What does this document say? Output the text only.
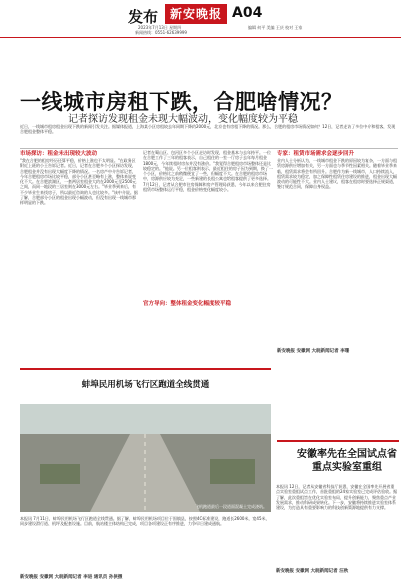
发布 新安晚报 A04
2023年7月13日 星期四
新闻热线：0551-62639999
编辑 何平 美编 王庆 校对 王家
一线城市房租下跌，合肥啥情况？
记者探访发现租金未现大幅波动，变化幅度较为平稳
近日，一线城市租房租金出现下跌的新闻引发关注。据媒体报道，上海某小区房租较去年同期下降约2000元，北京也有房租下降的情况。那么，合肥的租房市场情况如何？12日，记者走访了多位中介和租客，发现合肥租金整体平稳。
市场探访：租金未出现较大波动
"我在合肥的租房经历还算平稳，价格上涨也不太明显。"在政务区附近上班的小王告诉记者。近日，记者在合肥多个小区探访发现，合肥租金并没有出现大幅度下降的情况。一名房产中介告诉记者，今年合肥租房市场比较平稳，部分小区甚至略有上涨，整体来说变化不大。在合肥滨湖区，一套两居室租金大约在2000元至2500元之间，而同一地段的三居室则在3000元左右。"毕业季到来后，有不少毕业生来找房子，所以最近咨询的人也比较多。"该中介说。据了解，合肥部分小区的租金出现小幅波动，但没有出现一线城市那样明显的下跌。
记者在蜀山区、包河区多个小区走访时发现，租金基本与去年持平。一位在合肥工作了三年的租客表示，自己租住的一室一厅房子去年每月租金1800元，今年续租时房东并没有涨价。"我觉得合肥租房市场整体还是比较稳定的。"他说。另一位租客则表示，最近租住的房子因为到期，换了一个小区，价格比之前稍微便宜了一些，但幅度不大。在合肥的租房市场中，房源供应较为充足，一些新建的长租公寓也给租客提供了更多选择。7月12日，记者从合肥市住房保障和房产管理局获悉，今年以来合肥住房租赁市场整体运行平稳，租金价格变化幅度较小。
官方导向：整体租金变化幅度较平稳
专家：租赁市场需求会逐步回升
业内人士分析认为，一线城市租金下跌的原因较为复杂，一方面与租赁房源供应增加有关，另一方面也与季节性因素相关。随着毕业季来临，租赁需求将会有所回升。合肥作为新一线城市，人口持续流入，租赁需求较为稳定，加之保障性租赁住房建设的推进，租金出现大幅波动的可能性不大。业内人士建议，租客在租房时要选择正规渠道，签订规范合同，保障自身权益。
新安晚报 安徽网 大皖新闻记者 李珊
蚌埠民用机场飞行区跑道全线贯通
飞机跑道最后一段道面混凝土完成浇筑。
本报讯 7月11日，蚌埠民用机场飞行区跑道全线贯通。据了解，蚌埠民用机场项目位于固镇县，按照4C标准建设，跑道长2600米，宽45米，同步建设滑行道、机坪及配套设施。目前，航站楼主体结构已完成，项目各项建设正有序推进，力争早日建成通航。
新安晚报 安徽网 大皖新闻记者 李进 通讯员 孙侠摄
安徽率先在全国试点省重点实验室重组
本报讯 12日，记者从安徽省科技厅获悉，安徽在全国率先开展省重点实验室重组试点工作，首批重组的24家实验室已完成评估验收。据了解，此次重组旨在优化实验室布局，提升创新能力，聚焦重点产业发展需求，推动科研成果转化。下一步，安徽将持续推进实验室体系建设，为打造具有重要影响力的科技创新策源地提供有力支撑。
新安晚报 安徽网 大皖新闻记者 汪秋
